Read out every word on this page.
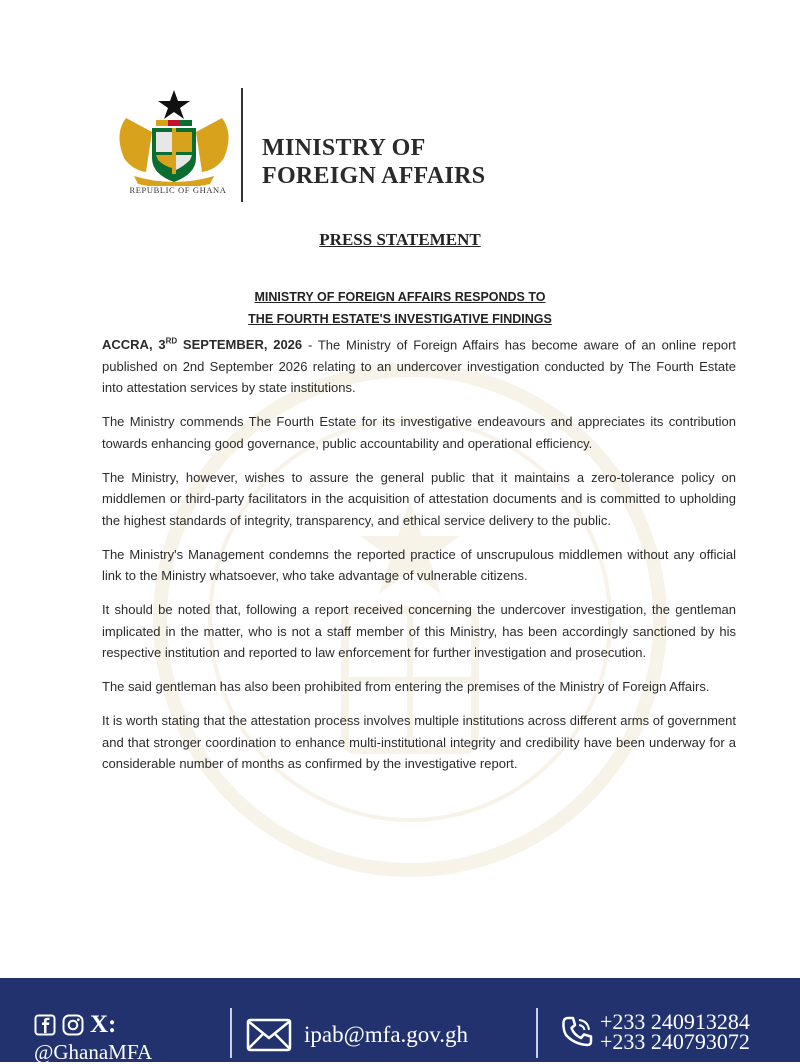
REPUBLIC OF GHANA
MINISTRY OF
FOREIGN AFFAIRS
PRESS STATEMENT
MINISTRY OF FOREIGN AFFAIRS RESPONDS TO
THE FOURTH ESTATE'S INVESTIGATIVE FINDINGS

ACCRA, 3RD SEPTEMBER, 2026 - The Ministry of Foreign Affairs has become aware of an online report published on 2nd September 2026 relating to an undercover investigation conducted by The Fourth Estate into attestation services by state institutions.

The Ministry commends The Fourth Estate for its investigative endeavours and appreciates its contribution towards enhancing good governance, public accountability and operational efficiency.

The Ministry, however, wishes to assure the general public that it maintains a zero-tolerance policy on middlemen or third-party facilitators in the acquisition of attestation documents and is committed to upholding the highest standards of integrity, transparency, and ethical service delivery to the public.

The Ministry's Management condemns the reported practice of unscrupulous middlemen without any official link to the Ministry whatsoever, who take advantage of vulnerable citizens.

It should be noted that, following a report received concerning the undercover investigation, the gentleman implicated in the matter, who is not a staff member of this Ministry, has been accordingly sanctioned by his respective institution and reported to law enforcement for further investigation and prosecution.

The said gentleman has also been prohibited from entering the premises of the Ministry of Foreign Affairs.

It is worth stating that the attestation process involves multiple institutions across different arms of government and that stronger coordination to enhance multi-institutional integrity and credibility have been underway for a considerable number of months as confirmed by the investigative report.

X:
@GhanaMFA
ipab@mfa.gov.gh
+233 240913284
+233 240793072
